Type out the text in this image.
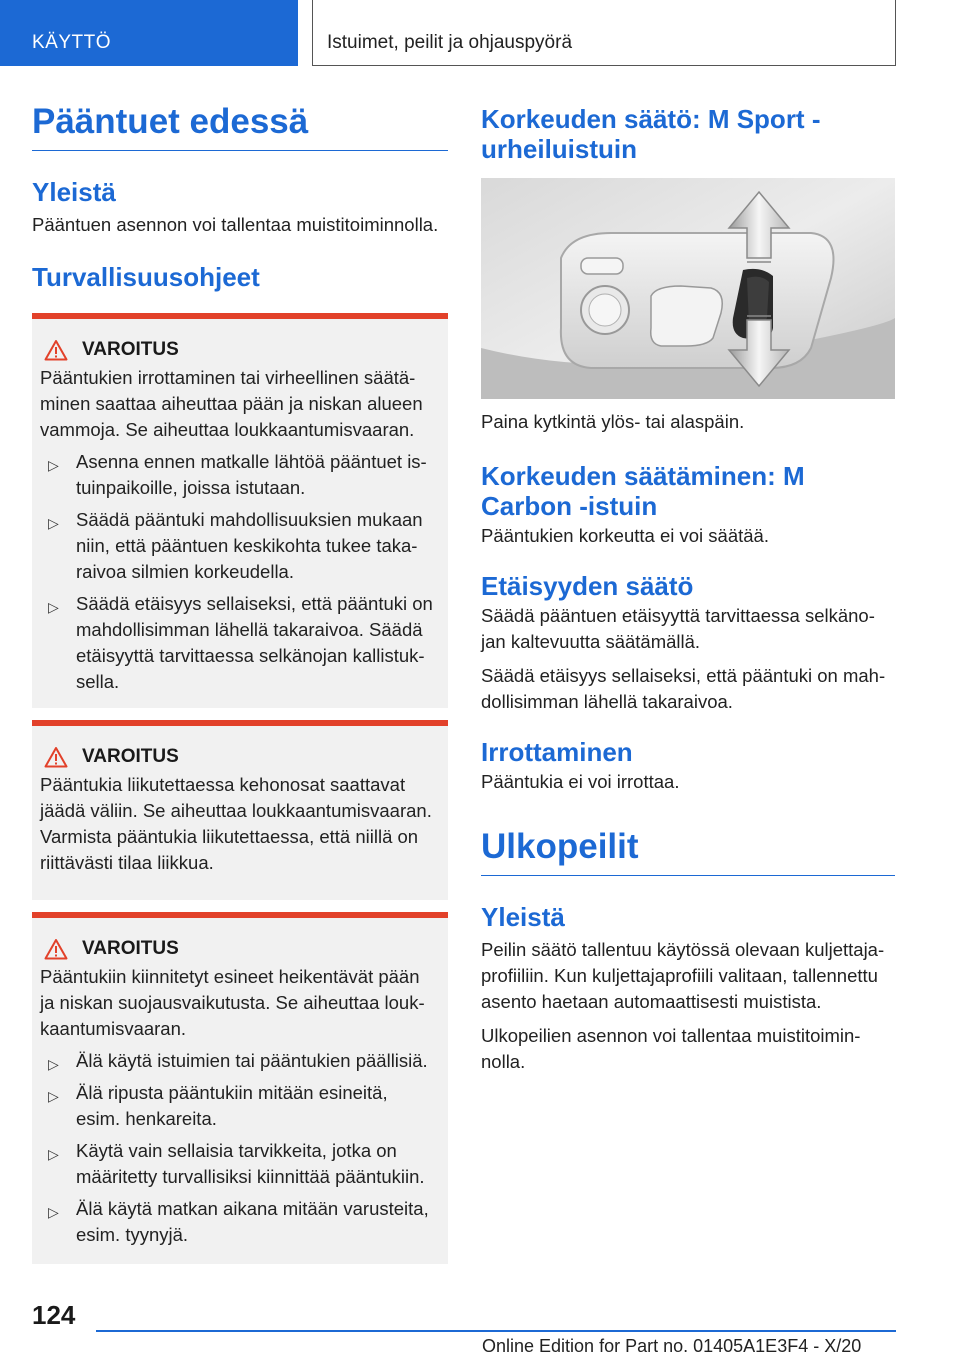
KÄYTTÖ	Istuimet, peilit ja ohjauspyörä
Pääntuet edessä
Yleistä

Pääntuen asennon voi tallentaa muistitoiminnolla.

Turvallisuusohjeet
VAROITUS

Pääntukien irrottaminen tai virheellinen säätä-
minen saattaa aiheuttaa pään ja niskan alueen
vammoja. Se aiheuttaa loukkaantumisvaaran.

▷ Asenna ennen matkalle lähtöä pääntuet is-
tuinpaikoille, joissa istutaan.
▷ Säädä pääntuki mahdollisuuksien mukaan
niin, että pääntuen keskikohta tukee taka-
raivoa silmien korkeudella.
▷ Säädä etäisyys sellaiseksi, että pääntuki on
mahdollisimman lähellä takaraivoa. Säädä
etäisyyttä tarvittaessa selkänojan kallistuk-
sella.
VAROITUS

Pääntukia liikutettaessa kehonosat saattavat
jäädä väliin. Se aiheuttaa loukkaantumisvaaran.
Varmista pääntukia liikutettaessa, että niillä on
riittävästi tilaa liikkua.

VAROITUS

Pääntukiin kiinnitetyt esineet heikentävät pään
ja niskan suojausvaikutusta. Se aiheuttaa louk-
kaantumisvaaran.

▷ Älä käytä istuimien tai pääntukien päällisiä.
▷ Älä ripusta pääntukiin mitään esineitä,
esim. henkareita.
▷ Käytä vain sellaisia tarvikkeita, jotka on
määritetty turvallisiksi kiinnittää pääntukiin.
▷ Älä käytä matkan aikana mitään varusteita,
esim. tyynyjä.
Korkeuden säätö: M Sport -
urheiluistuin

Paina kytkintä ylös- tai alaspäin.

Korkeuden säätäminen: M
Carbon -istuin

Pääntukien korkeutta ei voi säätää.

Etäisyyden säätö

Säädä pääntuen etäisyyttä tarvittaessa selkäno-
jan kaltevuutta säätämällä.

Säädä etäisyys sellaiseksi, että pääntuki on mah-
dollisimman lähellä takaraivoa.

Irrottaminen

Pääntukia ei voi irrottaa.

Ulkopeilit
Yleistä

Peilin säätö tallentuu käytössä olevaan kuljettaja-
profiiliin. Kun kuljettajaprofiili valitaan, tallennettu
asento haetaan automaattisesti muistista.

Ulkopeilien asennon voi tallentaa muistitoimin-
nolla.

124
Online Edition for Part no. 01405A1E3F4 - X/20
